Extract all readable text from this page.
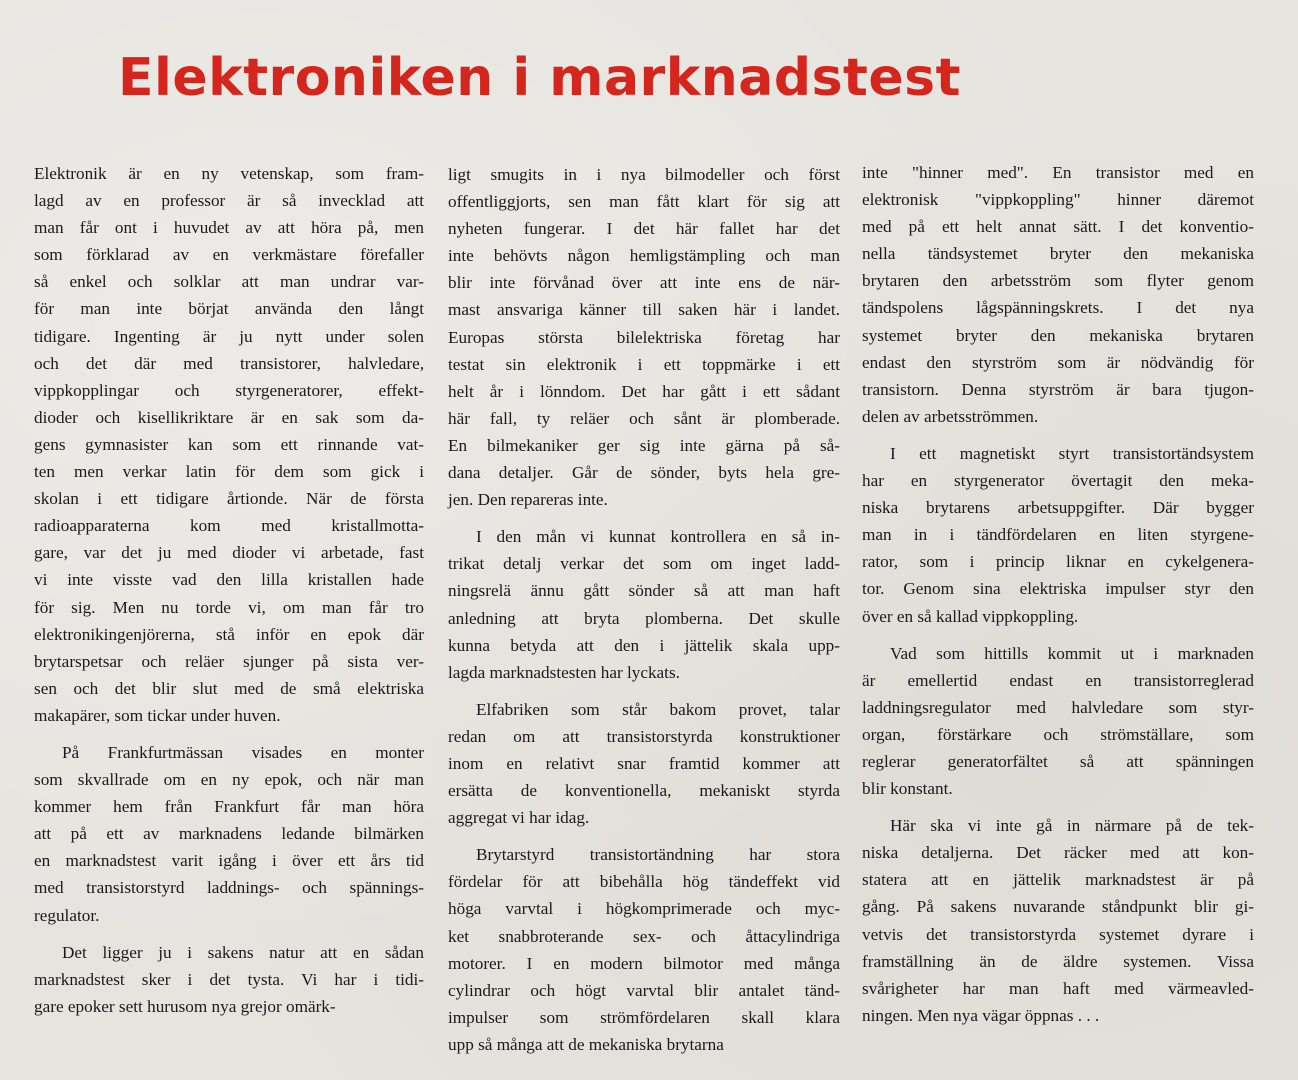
Elektroniken i marknadstest

Elektronik är en ny vetenskap, som fram-
lagd av en professor är så invecklad att
man får ont i huvudet av att höra på, men
som förklarad av en verkmästare förefaller
så enkel och solklar att man undrar var-
för man inte börjat använda den långt
tidigare. Ingenting är ju nytt under solen
och det där med transistorer, halvledare,
vippkopplingar och styrgeneratorer, effekt-
dioder och kisellikriktare är en sak som da-
gens gymnasister kan som ett rinnande vat-
ten men verkar latin för dem som gick i
skolan i ett tidigare årtionde. När de första
radioapparaterna kom med kristallmotta-
gare, var det ju med dioder vi arbetade, fast
vi inte visste vad den lilla kristallen hade
för sig. Men nu torde vi, om man får tro
elektronikingenjörerna, stå inför en epok där
brytarspetsar och reläer sjunger på sista ver-
sen och det blir slut med de små elektriska
makapärer, som tickar under huven.

På Frankfurtmässan visades en monter
som skvallrade om en ny epok, och när man
kommer hem från Frankfurt får man höra
att på ett av marknadens ledande bilmärken
en marknadstest varit igång i över ett års tid
med transistorstyrd laddnings- och spännings-
regulator.

Det ligger ju i sakens natur att en sådan
marknadstest sker i det tysta. Vi har i tidi-
gare epoker sett hurusom nya grejor omärk-

ligt smugits in i nya bilmodeller och först
offentliggjorts, sen man fått klart för sig att
nyheten fungerar. I det här fallet har det
inte behövts någon hemligstämpling och man
blir inte förvånad över att inte ens de när-
mast ansvariga känner till saken här i landet.
Europas största bilelektriska företag har
testat sin elektronik i ett toppmärke i ett
helt år i lönndom. Det har gått i ett sådant
här fall, ty reläer och sånt är plomberade.
En bilmekaniker ger sig inte gärna på så-
dana detaljer. Går de sönder, byts hela gre-
jen. Den repareras inte.

I den mån vi kunnat kontrollera en så in-
trikat detalj verkar det som om inget ladd-
ningsrelä ännu gått sönder så att man haft
anledning att bryta plomberna. Det skulle
kunna betyda att den i jättelik skala upp-
lagda marknadstesten har lyckats.

Elfabriken som står bakom provet, talar
redan om att transistorstyrda konstruktioner
inom en relativt snar framtid kommer att
ersätta de konventionella, mekaniskt styrda
aggregat vi har idag.

Brytarstyrd transistortändning har stora
fördelar för att bibehålla hög tändeffekt vid
höga varvtal i högkomprimerade och myc-
ket snabbroterande sex- och åttacylindriga
motorer. I en modern bilmotor med många
cylindrar och högt varvtal blir antalet tänd-
impulser som strömfördelaren skall klara
upp så många att de mekaniska brytarna

inte "hinner med". En transistor med en
elektronisk "vippkoppling" hinner däremot
med på ett helt annat sätt. I det konventio-
nella tändsystemet bryter den mekaniska
brytaren den arbetsström som flyter genom
tändspolens lågspänningskrets. I det nya
systemet bryter den mekaniska brytaren
endast den styrström som är nödvändig för
transistorn. Denna styrström är bara tjugon-
delen av arbetsströmmen.

I ett magnetiskt styrt transistortändsystem
har en styrgenerator övertagit den meka-
niska brytarens arbetsuppgifter. Där bygger
man in i tändfördelaren en liten styrgene-
rator, som i princip liknar en cykelgenera-
tor. Genom sina elektriska impulser styr den
över en så kallad vippkoppling.

Vad som hittills kommit ut i marknaden
är emellertid endast en transistorreglerad
laddningsregulator med halvledare som styr-
organ, förstärkare och strömställare, som
reglerar generatorfältet så att spänningen
blir konstant.

Här ska vi inte gå in närmare på de tek-
niska detaljerna. Det räcker med att kon-
statera att en jättelik marknadstest är på
gång. På sakens nuvarande ståndpunkt blir gi-
vetvis det transistorstyrda systemet dyrare i
framställning än de äldre systemen. Vissa
svårigheter har man haft med värmeavled-
ningen. Men nya vägar öppnas . . .
